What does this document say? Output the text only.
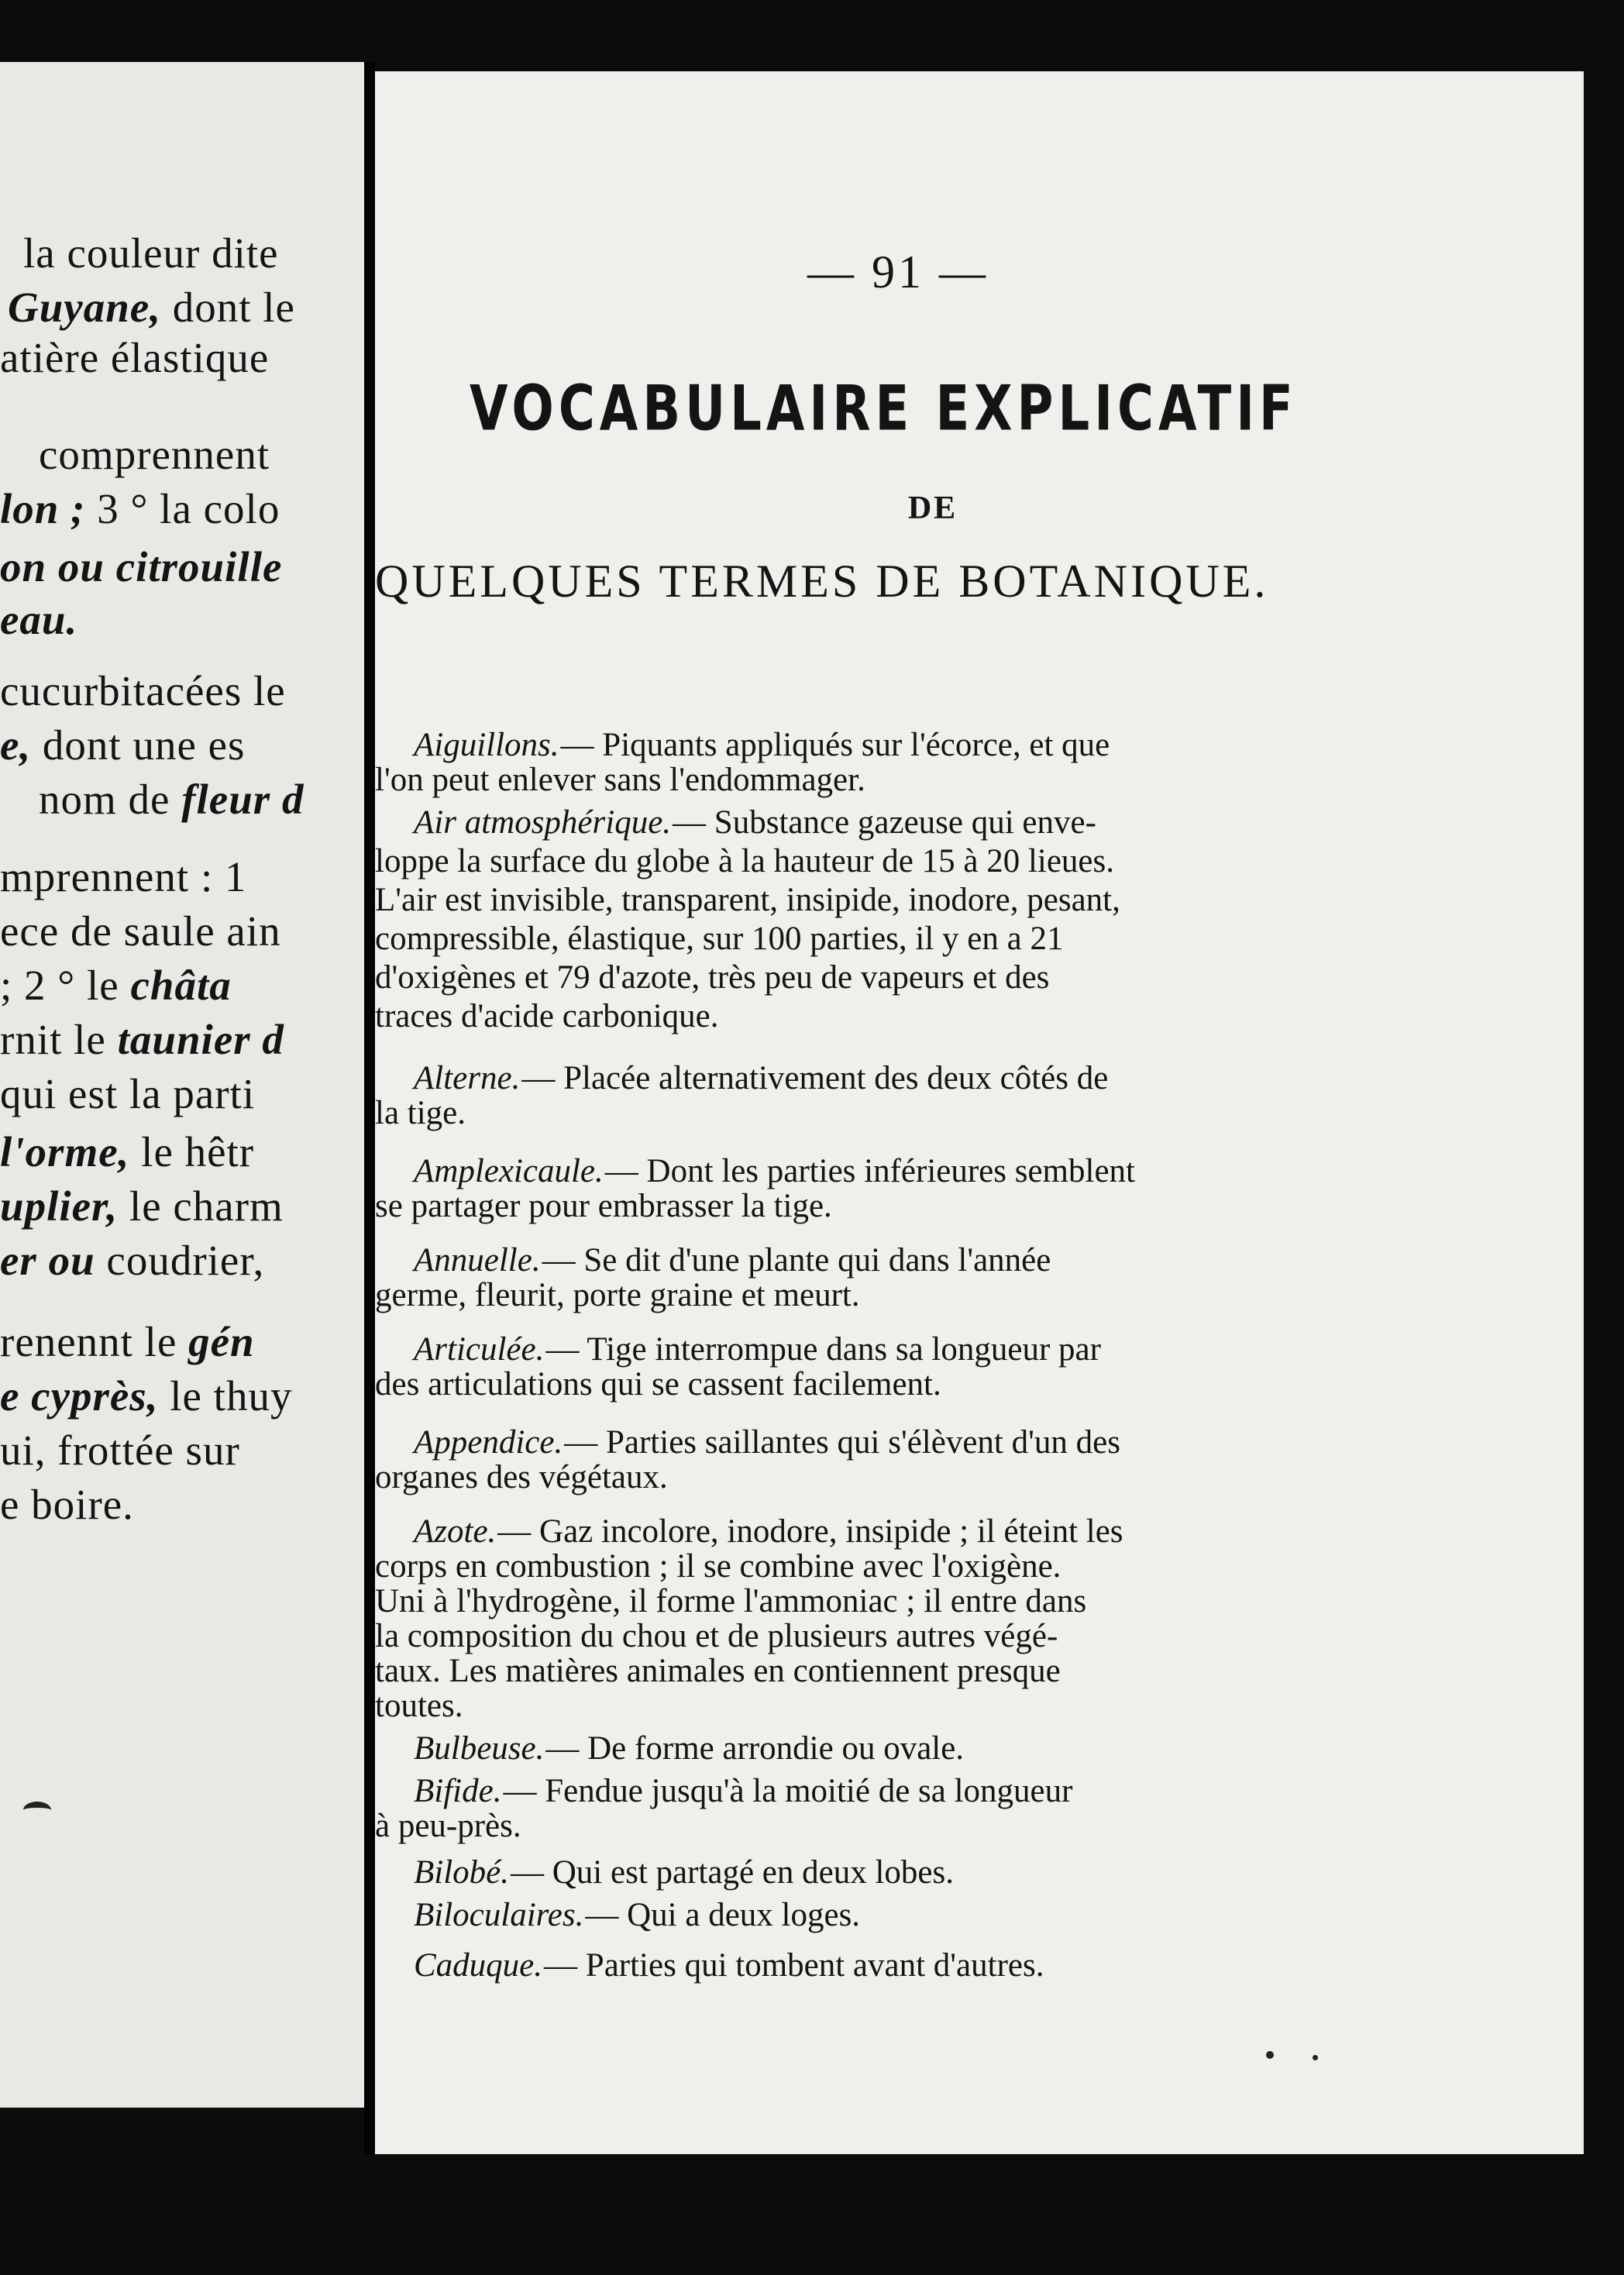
la couleur dite
Guyane, dont le
atière élastique
comprennent
lon ; 3 ° la colo
on ou citrouille
eau.
cucurbitacées le
e, dont une es
nom de fleur d
mprennent : 1
ece de saule ain
; 2 ° le châta
rnit le taunier d
qui est la parti
l'orme, le hêtr
uplier, le charm
er ou coudrier,
renennt le gén
e cyprès, le thuy
ui, frottée sur
e boire.
— 91 —
VOCABULAIRE EXPLICATIF
DE
QUELQUES TERMES DE BOTANIQUE.
Aiguillons.— Piquants appliqués sur l'écorce, et que
l'on peut enlever sans l'endommager.
Air atmosphérique.— Substance gazeuse qui enve-
loppe la surface du globe à la hauteur de 15 à 20 lieues.
L'air est invisible, transparent, insipide, inodore, pesant,
compressible, élastique, sur 100 parties, il y en a 21
d'oxigènes et 79 d'azote, très peu de vapeurs et des
traces d'acide carbonique.
Alterne.— Placée alternativement des deux côtés de
la tige.
Amplexicaule.— Dont les parties inférieures semblent
se partager pour embrasser la tige.
Annuelle.— Se dit d'une plante qui dans l'année
germe, fleurit, porte graine et meurt.
Articulée.— Tige interrompue dans sa longueur par
des articulations qui se cassent facilement.
Appendice.— Parties saillantes qui s'élèvent d'un des
organes des végétaux.
Azote.— Gaz incolore, inodore, insipide ; il éteint les
corps en combustion ; il se combine avec l'oxigène.
Uni à l'hydrogène, il forme l'ammoniac ; il entre dans
la composition du chou et de plusieurs autres végé-
taux. Les matières animales en contiennent presque
toutes.
Bulbeuse.— De forme arrondie ou ovale.
Bifide.— Fendue jusqu'à la moitié de sa longueur
à peu-près.
Bilobé.— Qui est partagé en deux lobes.
Biloculaires.— Qui a deux loges.
Caduque.— Parties qui tombent avant d'autres.
